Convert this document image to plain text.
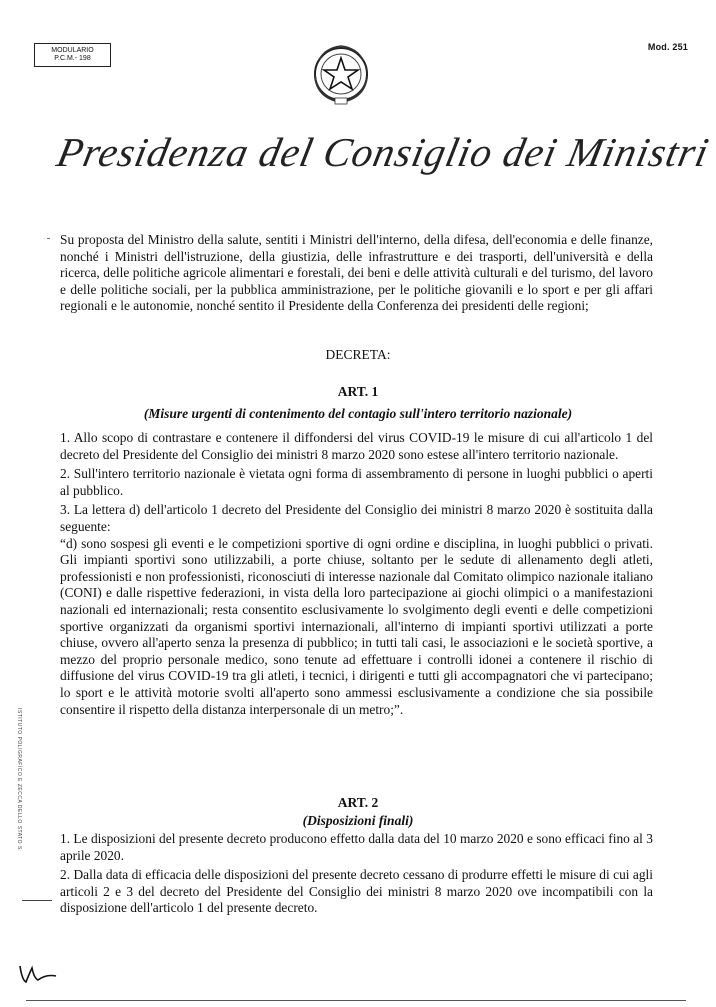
MODULARIO
P.C.M.- 198
Mod. 251
Presidenza del Consiglio dei Ministri
Su proposta del Ministro della salute, sentiti i Ministri dell'interno, della difesa, dell'economia e delle finanze, nonché i Ministri dell'istruzione, della giustizia, delle infrastrutture e dei trasporti, dell'università e della ricerca, delle politiche agricole alimentari e forestali, dei beni e delle attività culturali e del turismo, del lavoro e delle politiche sociali, per la pubblica amministrazione, per le politiche giovanili e lo sport e per gli affari regionali e le autonomie, nonché sentito il Presidente della Conferenza dei presidenti delle regioni;
DECRETA:
ART. 1
(Misure urgenti di contenimento del contagio sull'intero territorio nazionale)

1. Allo scopo di contrastare e contenere il diffondersi del virus COVID-19 le misure di cui all'articolo 1 del decreto del Presidente del Consiglio dei ministri 8 marzo 2020 sono estese all'intero territorio nazionale.

2. Sull'intero territorio nazionale è vietata ogni forma di assembramento di persone in luoghi pubblici o aperti al pubblico.

3. La lettera d) dell'articolo 1 decreto del Presidente del Consiglio dei ministri 8 marzo 2020 è sostituita dalla seguente:

“d) sono sospesi gli eventi e le competizioni sportive di ogni ordine e disciplina, in luoghi pubblici o privati. Gli impianti sportivi sono utilizzabili, a porte chiuse, soltanto per le sedute di allenamento degli atleti, professionisti e non professionisti, riconosciuti di interesse nazionale dal Comitato olimpico nazionale italiano (CONI) e dalle rispettive federazioni, in vista della loro partecipazione ai giochi olimpici o a manifestazioni nazionali ed internazionali; resta consentito esclusivamente lo svolgimento degli eventi e delle competizioni sportive organizzati da organismi sportivi internazionali, all'interno di impianti sportivi utilizzati a porte chiuse, ovvero all'aperto senza la presenza di pubblico; in tutti tali casi, le associazioni e le società sportive, a mezzo del proprio personale medico, sono tenute ad effettuare i controlli idonei a contenere il rischio di diffusione del virus COVID-19 tra gli atleti, i tecnici, i dirigenti e tutti gli accompagnatori che vi partecipano; lo sport e le attività motorie svolti all'aperto sono ammessi esclusivamente a condizione che sia possibile consentire il rispetto della distanza interpersonale di un metro;”.

ART. 2
(Disposizioni finali)

1. Le disposizioni del presente decreto producono effetto dalla data del 10 marzo 2020 e sono efficaci fino al 3 aprile 2020.

2. Dalla data di efficacia delle disposizioni del presente decreto cessano di produrre effetti le misure di cui agli articoli 2 e 3 del decreto del Presidente del Consiglio dei ministri 8 marzo 2020 ove incompatibili con la disposizione dell'articolo 1 del presente decreto.

ISTITUTO POLIGRAFICO E ZECCA DELLO STATO S.
